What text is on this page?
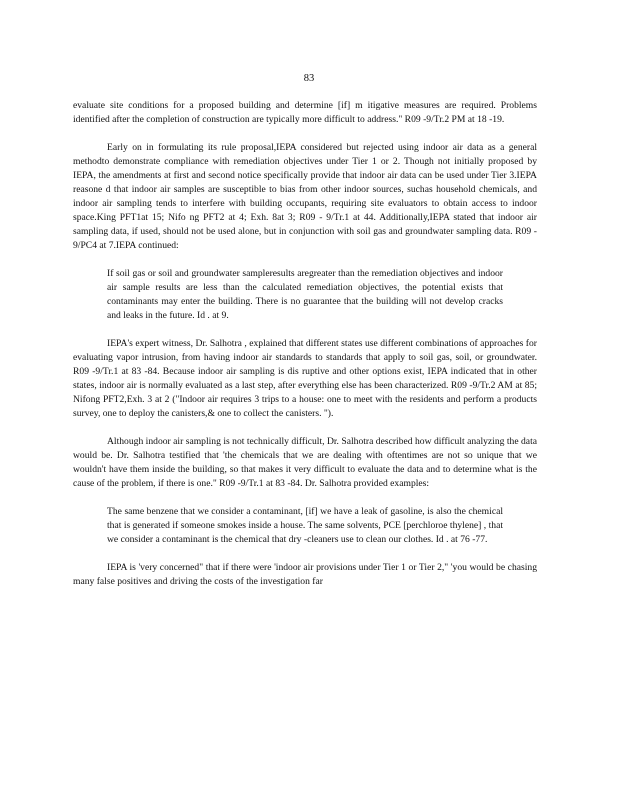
83

evaluate site conditions for a proposed building and determine [if] m itigative measures are required. Problems identified after the completion of construction are typically more difficult to address." R09 -9/Tr.2 PM at 18 -19.

Early on in formulating its rule proposal,IEPA considered but rejected using indoor air data as a general methodto demonstrate compliance with remediation objectives under Tier 1 or 2. Though not initially proposed by IEPA, the amendments at first and second notice specifically provide that indoor air data can be used under Tier 3.IEPA reasone d that indoor air samples are susceptible to bias from other indoor sources, suchas household chemicals, and indoor air sampling tends to interfere with building occupants, requiring site evaluators to obtain access to indoor space.King PFT1at 15; Nifo ng PFT2 at 4; Exh. 8at 3; R09 - 9/Tr.1 at 44. Additionally,IEPA stated that indoor air sampling data, if used, should not be used alone, but in conjunction with soil gas and groundwater sampling data. R09 - 9/PC4 at 7.IEPA continued:

If soil gas or soil and groundwater sampleresults aregreater than the remediation objectives and indoor air sample results are less than the calculated remediation objectives, the potential exists that contaminants may enter the building. There is no guarantee that the building will not develop cracks and leaks in the future. Id . at 9.

IEPA's expert witness, Dr. Salhotra , explained that different states use different combinations of approaches for evaluating vapor intrusion, from having indoor air standards to standards that apply to soil gas, soil, or groundwater. R09 -9/Tr.1 at 83 -84. Because indoor air sampling is dis ruptive and other options exist, IEPA indicated that in other states, indoor air is normally evaluated as a last step, after everything else has been characterized. R09 -9/Tr.2 AM at 85; Nifong PFT2,Exh. 3 at 2 ("Indoor air requires 3 trips to a house: one to meet with the residents and perform a products survey, one to deploy the canisters,& one to collect the canisters. ").

Although indoor air sampling is not technically difficult, Dr. Salhotra described how difficult analyzing the data would be. Dr. Salhotra testified that 'the chemicals that we are dealing with oftentimes are not so unique that we wouldn't have them inside the building, so that makes it very difficult to evaluate the data and to determine what is the cause of the problem, if there is one." R09 -9/Tr.1 at 83 -84. Dr. Salhotra provided examples:

The same benzene that we consider a contaminant, [if] we have a leak of gasoline, is also the chemical that is generated if someone smokes inside a house. The same solvents, PCE [perchloroe thylene] , that we consider a contaminant is the chemical that dry -cleaners use to clean our clothes. Id . at 76 -77.

IEPA is 'very concerned" that if there were 'indoor air provisions under Tier 1 or Tier 2," 'you would be chasing many false positives and driving the costs of the investigation far
